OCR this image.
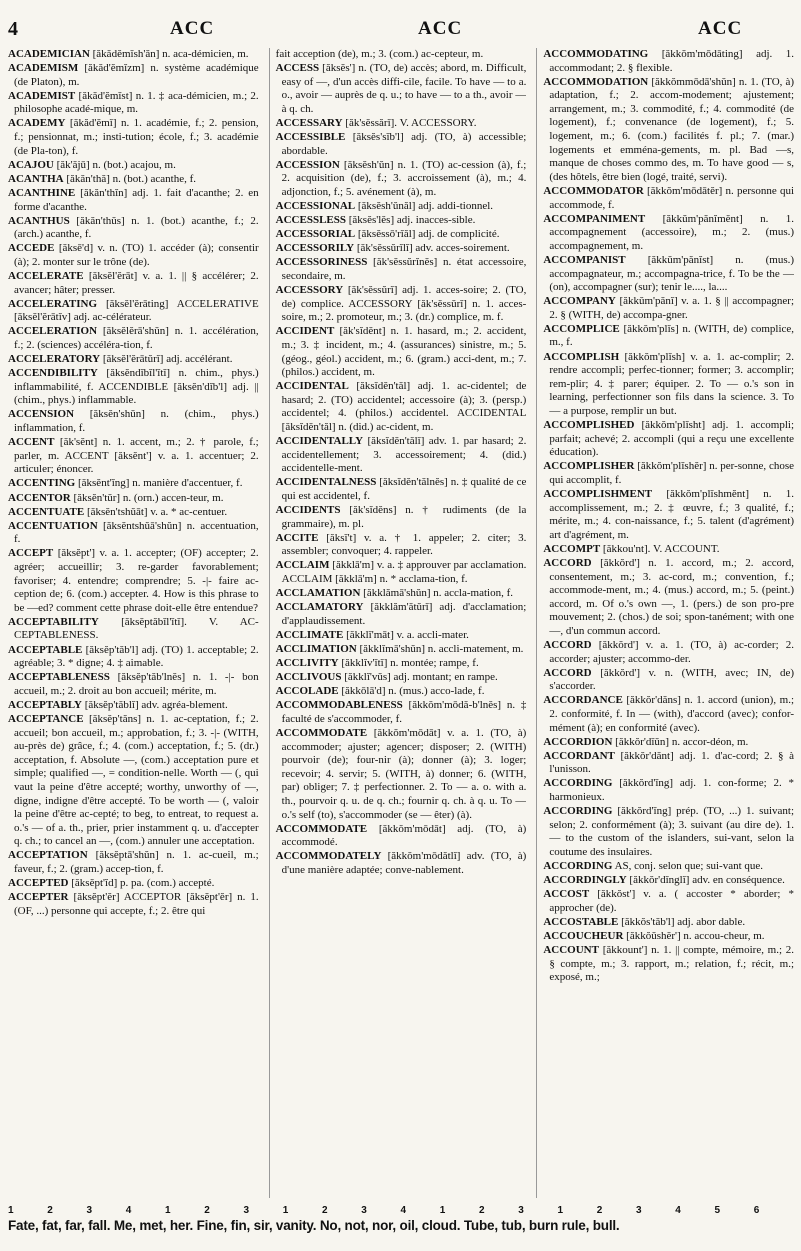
4	ACC	ACC	ACC
ACADEMICIAN [ăkădĕmĭsh'ăn] n. aca-démicien, m.
ACADEMISM [ăkăd'ĕmĭzm] n. système académique (de Platon), m.
ACADEMIST [ăkăd'ĕmĭst] n. 1. ‡ aca-démicien, m.; 2. philosophe acadé-mique, m.
ACADEMY [ăkăd'ĕmĭ] n. 1. académie, f.; 2. pension, f.; pensionnat, m.; insti-tution; école, f.; 3. académie (de Pla-ton), f.
ACAJOU [ăk'ăjū] n. (bot.) acajou, m.
ACANTHA [ăkăn'thă] n. (bot.) acanthe, f.
ACANTHINE [ăkăn'thĭn] adj. 1. fait d'acanthe; 2. en forme d'acanthe.
ACANTHUS [ăkăn'thŭs] n. 1. (bot.) acanthe, f.; 2. (arch.) acanthe, f.
ACCEDE [ăksē'd] v. n. (TO) 1. accéder (à); consentir (à); 2. monter sur le trône (de).
ACCELERATE [ăksĕl'ĕrāt] v. a. 1. || § accélérer; 2. avancer; hâter; presser.
ACCELERATING [ăksĕl'ĕrāting] ACCELERATIVE [ăksĕl'ĕrātĭv] adj. ac-célérateur.
ACCELERATION [ăksĕlĕrā'shŭn] n. 1. accélération, f.; 2. (sciences) accéléra-tion, f.
ACCELERATORY [ăksĕl'ĕrātŭrĭ] adj. accélérant.
ACCENDIBILITY [ăksĕndĭbĭl'ĭtĭ] n. chim., phys.) inflammabilité, f. ACCENDIBLE [ăksĕn'dĭb'l] adj. || (chim., phys.) inflammable.
ACCENSION [ăksĕn'shŭn] n. (chim., phys.) inflammation, f.
ACCENT [ăk'sĕnt] n. 1. accent, m.; 2. † parole, f.; parler, m. ACCENT [ăksĕnt'] v. a. 1. accentuer; 2. articuler; énoncer.
ACCENTING [ăksĕnt'ĭng] n. manière d'accentuer, f.
ACCENTOR [ăksĕn'tŭr] n. (orn.) accen-teur, m.
ACCENTUATE [ăksĕn'tshŭāt] v. a. * ac-centuer.
ACCENTUATION [ăksĕntshŭā'shŭn] n. accentuation, f.
ACCEPT [ăksĕpt'] v. a. 1. accepter; (OF) accepter; 2. agréer; accueillir; 3. re-garder favorablement; favoriser; 4. entendre; comprendre; 5. -|- faire ac-ception de; 6. (com.) accepter. 4. How is this phrase to be —ed? comment cette phrase doit-elle être entendue?
ACCEPTABILITY [ăksĕptăbĭl'ĭtĭ]. V. AC-CEPTABLENESS.
ACCEPTABLE [ăksĕp'tăb'l] adj. (TO) 1. acceptable; 2. agréable; 3. * digne; 4. ‡ aimable.
ACCEPTABLENESS [ăksĕp'tăb'lnĕs] n. 1. -|- bon accueil, m.; 2. droit au bon accueil; mérite, m.
ACCEPTABLY [ăksĕp'tăblĭ] adv. agréa-blement.
ACCEPTANCE [ăksĕp'tăns] n. 1. ac-ceptation, f.; 2. accueil; bon accueil, m.; approbation, f.; 3. -|- (WITH, au-près de) grâce, f.; 4. (com.) acceptation, f.; 5. (dr.) acceptation, f. Absolute —, (com.) acceptation pure et simple; qualified —, = condition-nelle. Worth — (, qui vaut la peine d'être accepté; worthy, unworthy of —, digne, indigne d'être accepté. To be worth — (, valoir la peine d'être ac-cepté; to beg, to entreat, to request a. o.'s — of a. th., prier, prier instamment q. u. d'accepter q. ch.; to cancel an —, (com.) annuler une acceptation.
ACCEPTATION [ăksĕptā'shŭn] n. 1. ac-cueil, m.; faveur, f.; 2. (gram.) accep-tion, f.
ACCEPTED [ăksĕpt'ĭd] p. pa. (com.) accepté.
ACCEPTER [ăksĕpt'ĕr] ACCEPTOR [ăksĕpt'ĕr] n. 1. (OF, ...) personne qui accepte, f.; 2. être qui
fait acception (de), m.; 3. (com.) ac-cepteur, m.
ACCESS [ăksĕs'] n. (TO, de) accès; abord, m. Difficult, easy of —, d'un accès diffi-cile, facile. To have — to a. o., avoir — auprès de q. u.; to have — to a th., avoir — à q. ch.
ACCESSARY [ăk'sĕssărĭ]. V. ACCESSORY.
ACCESSIBLE [ăksĕs'sĭb'l] adj. (TO, à) accessible; abordable.
ACCESSION [ăksĕsh'ŭn] n. 1. (TO) ac-cession (à), f.; 2. acquisition (de), f.; 3. accroissement (à), m.; 4. adjonction, f.; 5. avénement (à), m.
ACCESSIONAL [ăksĕsh'ŭnăl] adj. addi-tionnel.
ACCESSLESS [ăksĕs'lĕs] adj. inacces-sible.
ACCESSORIAL [ăksĕssō'rĭăl] adj. de complicité.
ACCESSORILY [ăk'sĕssŭrĭlĭ] adv. acces-soirement.
ACCESSORINESS [ăk'sĕssŭrĭnĕs] n. état accessoire, secondaire, m.
ACCESSORY [ăk'sĕssŭrĭ] adj. 1. acces-soire; 2. (TO, de) complice. ACCESSORY [ăk'sĕssŭrĭ] n. 1. acces-soire, m.; 2. promoteur, m.; 3. (dr.) complice, m. f.
ACCIDENT [ăk'sĭdĕnt] n. 1. hasard, m.; 2. accident, m.; 3. ‡ incident, m.; 4. (assurances) sinistre, m.; 5. (géog., géol.) accident, m.; 6. (gram.) acci-dent, m.; 7. (philos.) accident, m.
ACCIDENTAL [ăksĭdĕn'tăl] adj. 1. ac-cidentel; de hasard; 2. (TO) accidentel; accessoire (à); 3. (persp.) accidentel; 4. (philos.) accidentel. ACCIDENTAL [ăksĭdĕn'tăl] n. (did.) ac-cident, m.
ACCIDENTALLY [ăksĭdĕn'tălĭ] adv. 1. par hasard; 2. accidentellement; 3. accessoirement; 4. (did.) accidentelle-ment.
ACCIDENTALNESS [ăksĭdĕn'tălnĕs] n. ‡ qualité de ce qui est accidentel, f.
ACCIDENTS [ăk'sĭdĕns] n. † rudiments (de la grammaire), m. pl.
ACCITE [ăksĭ't] v. a. † 1. appeler; 2. citer; 3. assembler; convoquer; 4. rappeler.
ACCLAIM [ăkklā'm] v. a. ‡ approuver par acclamation. ACCLAIM [ăkklā'm] n. * acclama-tion, f.
ACCLAMATION [ăkklămā'shŭn] n. accla-mation, f.
ACCLAMATORY [ăkklăm'ătŭrĭ] adj. d'acclamation; d'applaudissement.
ACCLIMATE [ăkklĭ'māt] v. a. accli-mater.
ACCLIMATION [ăkklĭmā'shŭn] n. accli-matement, m.
ACCLIVITY [ăkklĭv'ĭtĭ] n. montée; rampe, f.
ACCLIVOUS [ăkklĭ'vŭs] adj. montant; en rampe.
ACCOLADE [ăkkōlā'd] n. (mus.) acco-lade, f.
ACCOMMODABLENESS [ăkkŏm'mōdă-b'lnĕs] n. ‡ faculté de s'accommoder, f.
ACCOMMODATE [ăkkŏm'mōdāt] v. a. 1. (TO, à) accommoder; ajuster; agencer; disposer; 2. (WITH) pourvoir (de); four-nir (à); donner (à); 3. loger; recevoir; 4. servir; 5. (WITH, à) donner; 6. (WITH, par) obliger; 7. ‡ perfectionner. 2. To — a. o. with a. th., pourvoir q. u. de q. ch.; fournir q. ch. à q. u. To — o.'s self (to), s'accommoder (se — êter) (à).
ACCOMMODATE [ăkkŏm'mōdāt] adj. (TO, à) accommodé.
ACCOMMODATELY [ăkkŏm'mōdătlĭ] adv. (TO, à) d'une manière adaptée; conve-nablement.
ACCOMMODATING [ăkkŏm'mōdāting] adj. 1. accommodant; 2. § flexible.
ACCOMMODATION [ăkkŏmmōdā'shŭn] n. 1. (TO, à) adaptation, f.; 2. accom-modement; ajustement; arrangement, m.; 3. commodité, f.; 4. commodité (de logement), f.; convenance (de logement), f.; 5. logement, m.; 6. (com.) facilités f. pl.; 7. (mar.) logements et emména-gements, m. pl. Bad —s, manque de choses commo des, m. To have good — s, (des hôtels, être bien (logé, traité, servi).
ACCOMMODATOR [ăkkŏm'mōdātĕr] n. personne qui accommode, f.
ACCOMPANIMENT [ăkkŭm'pănĭmĕnt] n. 1. accompagnement (accessoire), m.; 2. (mus.) accompagnement, m.
ACCOMPANIST [ăkkŭm'pănĭst] n. (mus.) accompagnateur, m.; accompagna-trice, f. To be the — (on), accompagner (sur); tenir le...., la....
ACCOMPANY [ăkkŭm'pănĭ] v. a. 1. § || accompagner; 2. § (WITH, de) accompa-gner.
ACCOMPLICE [ăkkŏm'plĭs] n. (WITH, de) complice, m., f.
ACCOMPLISH [ăkkŏm'plĭsh] v. a. 1. ac-complir; 2. rendre accompli; perfec-tionner; former; 3. accomplir; rem-plir; 4. ‡ parer; équiper. 2. To — o.'s son in learning, perfectionner son fils dans la science. 3. To — a purpose, remplir un but.
ACCOMPLISHED [ăkkŏm'plĭsht] adj. 1. accompli; parfait; achevé; 2. accompli (qui a reçu une excellente éducation).
ACCOMPLISHER [ăkkŏm'plĭshĕr] n. per-sonne, chose qui accomplit, f.
ACCOMPLISHMENT [ăkkŏm'plĭshmĕnt] n. 1. accomplissement, m.; 2. ‡ œuvre, f.; 3 qualité, f.; mérite, m.; 4. con-naissance, f.; 5. talent (d'agrément) art d'agrément, m.
ACCOMPT [ăkkou'nt]. V. ACCOUNT.
ACCORD [ăkkŏrd'] n. 1. accord, m.; 2. accord, consentement, m.; 3. ac-cord, m.; convention, f.; accommode-ment, m.; 4. (mus.) accord, m.; 5. (peint.) accord, m. Of o.'s own —, 1. (pers.) de son pro-pre mouvement; 2. (chos.) de soi; spon-tanément; with one —, d'un commun accord.
ACCORD [ăkkŏrd'] v. a. 1. (TO, à) ac-corder; 2. accorder; ajuster; accommo-der.
ACCORD [ăkkŏrd'] v. n. (WITH, avec; IN, de) s'accorder.
ACCORDANCE [ăkkŏr'dăns] n. 1. accord (union), m.; 2. conformité, f. In — (with), d'accord (avec); confor-mément (à); en conformité (avec).
ACCORDION [ăkkŏr'dĭŭn] n. accor-déon, m.
ACCORDANT [ăkkŏr'dănt] adj. 1. d'ac-cord; 2. § à l'unisson.
ACCORDING [ăkkŏrd'ĭng] adj. 1. con-forme; 2. * harmonieux.
ACCORDING [ăkkŏrd'ĭng] prép. (TO, ...) 1. suivant; selon; 2. conformément (à); 3. suivant (au dire de). 1. — to the custom of the islanders, sui-vant, selon la coutume des insulaires.
ACCORDING AS, conj. selon que; sui-vant que.
ACCORDINGLY [ăkkŏr'dĭnglĭ] adv. en conséquence.
ACCOST [ăkkŏst'] v. a. ( accoster * aborder; * approcher (de).
ACCOSTABLE [ăkkŏs'tăb'l] adj. abor dable.
ACCOUCHEUR [ăkkŏŭshĕr'] n. accou-cheur, m.
ACCOUNT [ăkkount'] n. 1. || compte, mémoire, m.; 2. § compte, m.; 3. rapport, m.; relation, f.; récit, m.; exposé, m.;
1	2	3	4	1	2	3	1	2	3	4	1	2	3	1	2	3	4	5	6
Fate, fat, far, fall. Me, met, her. Fine, fin, sir, vanity. No, not, nor, oil, cloud. Tube, tub, burn rule, bull.
